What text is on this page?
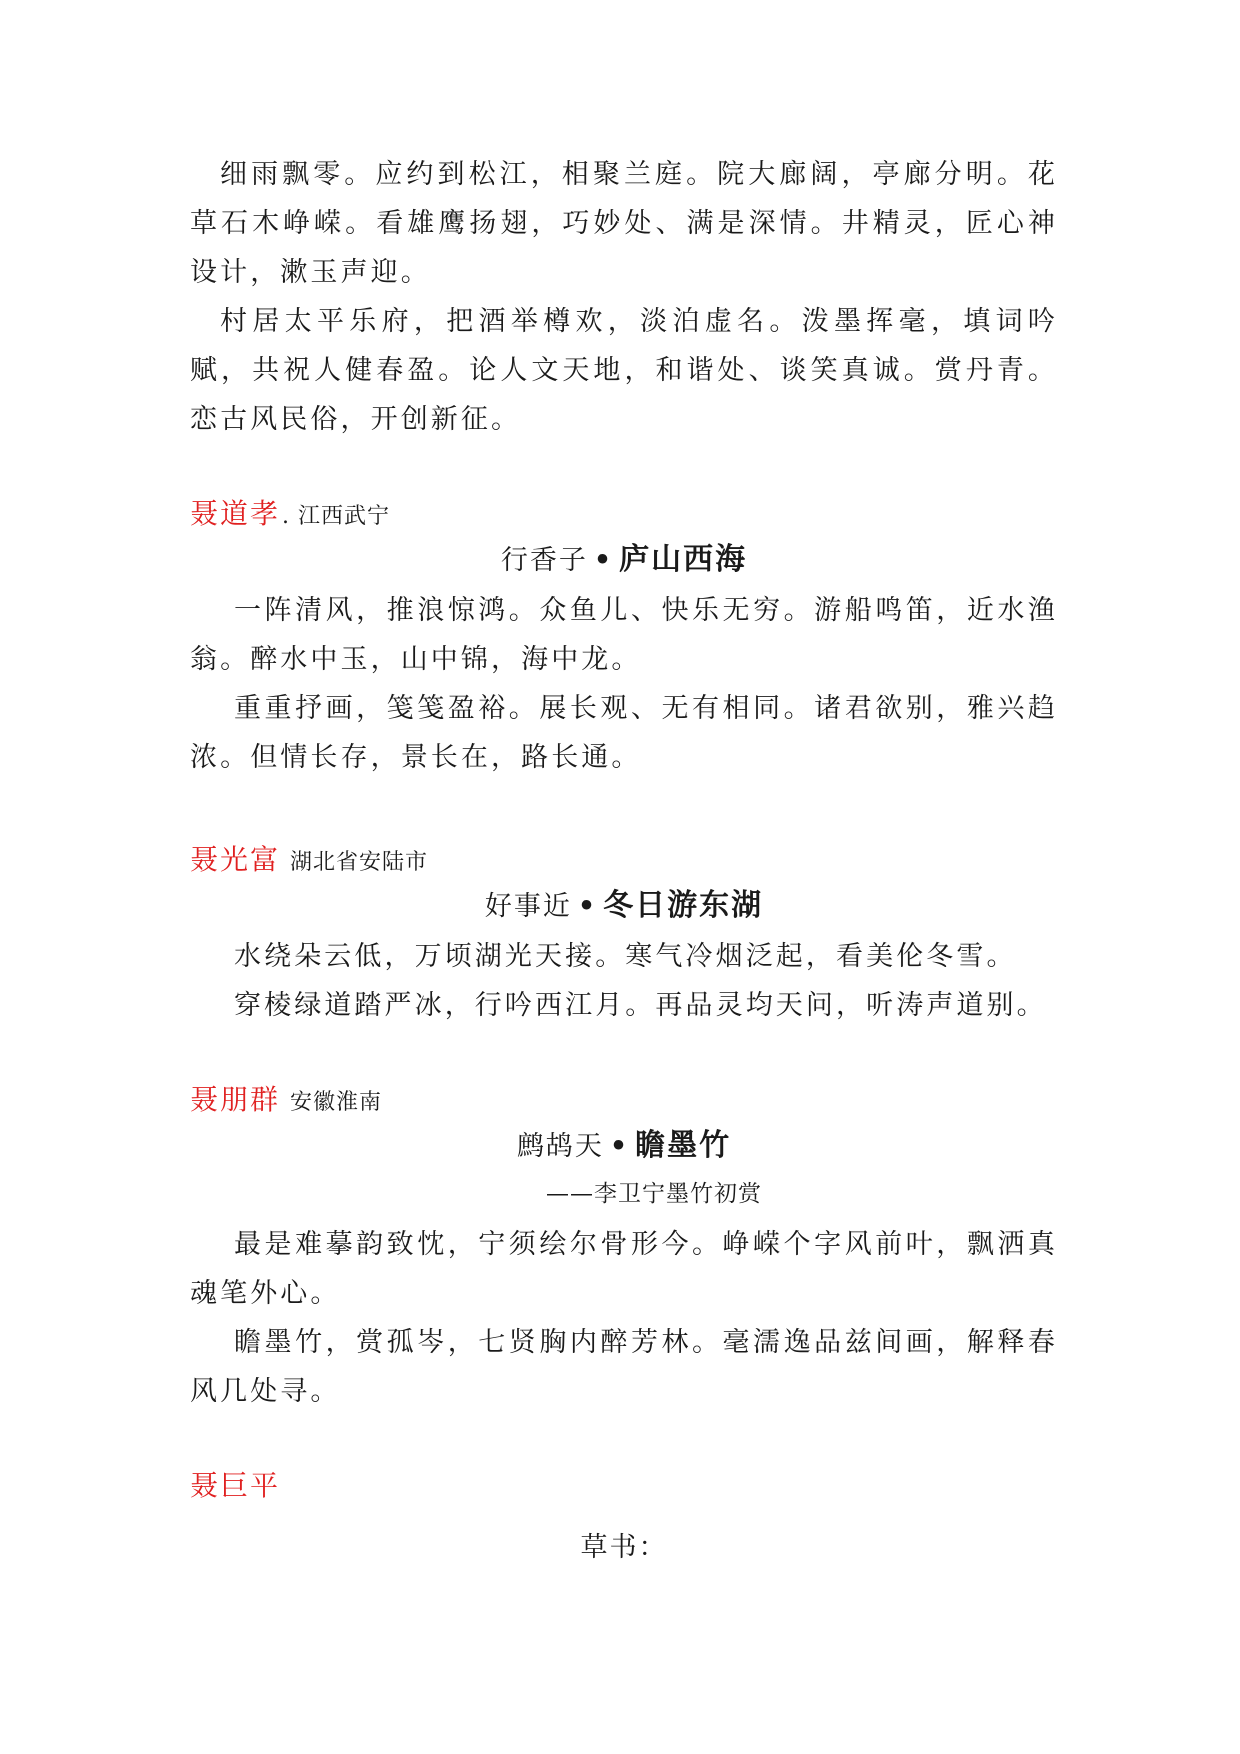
细雨飘零。应约到松江，相聚兰庭。院大廊阔，亭廊分明。花草石木峥嵘。看雄鹰扬翅，巧妙处、满是深情。井精灵，匠心神设计，漱玉声迎。

村居太平乐府，把酒举樽欢，淡泊虚名。泼墨挥毫，填词吟赋，共祝人健春盈。论人文天地，和谐处、谈笑真诚。赏丹青。恋古风民俗，开创新征。

聂道孝. 江西武宁

行香子 • 庐山西海

一阵清风，推浪惊鸿。众鱼儿、快乐无穷。游船鸣笛，近水渔翁。醉水中玉，山中锦，海中龙。

重重抒画，笺笺盈裕。展长观、无有相同。诸君欲别，雅兴趋浓。但情长存，景长在，路长通。

聂光富 湖北省安陆市

好事近 • 冬日游东湖

水绕朵云低，万顷湖光天接。寒气冷烟泛起，看美伦冬雪。

穿棱绿道踏严冰，行吟西江月。再品灵均天问，听涛声道别。

聂朋群 安徽淮南

鹧鸪天 • 瞻墨竹

——李卫宁墨竹初赏

最是难摹韵致忱，宁须绘尔骨形今。峥嵘个字风前叶，飘洒真魂笔外心。

瞻墨竹，赏孤岑，七贤胸内醉芳林。毫濡逸品兹间画，解释春风几处寻。

聂巨平

草书：
